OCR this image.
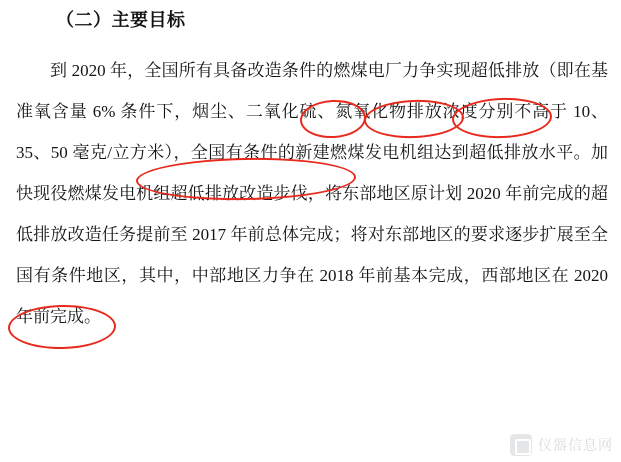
（二）主要目标
到 2020 年，全国所有具备改造条件的燃煤电厂力争实现超低排放（即在基准氧含量 6% 条件下，烟尘、二氧化硫、氮氧化物排放浓度分别不高于 10、35、50 毫克/立方米），全国有条件的新建燃煤发电机组达到超低排放水平。加快现役燃煤发电机组超低排放改造步伐，将东部地区原计划 2020 年前完成的超低排放改造任务提前至 2017 年前总体完成；将对东部地区的要求逐步扩展至全国有条件地区，其中，中部地区力争在 2018 年前基本完成，西部地区在 2020 年前完成。
仪器信息网
